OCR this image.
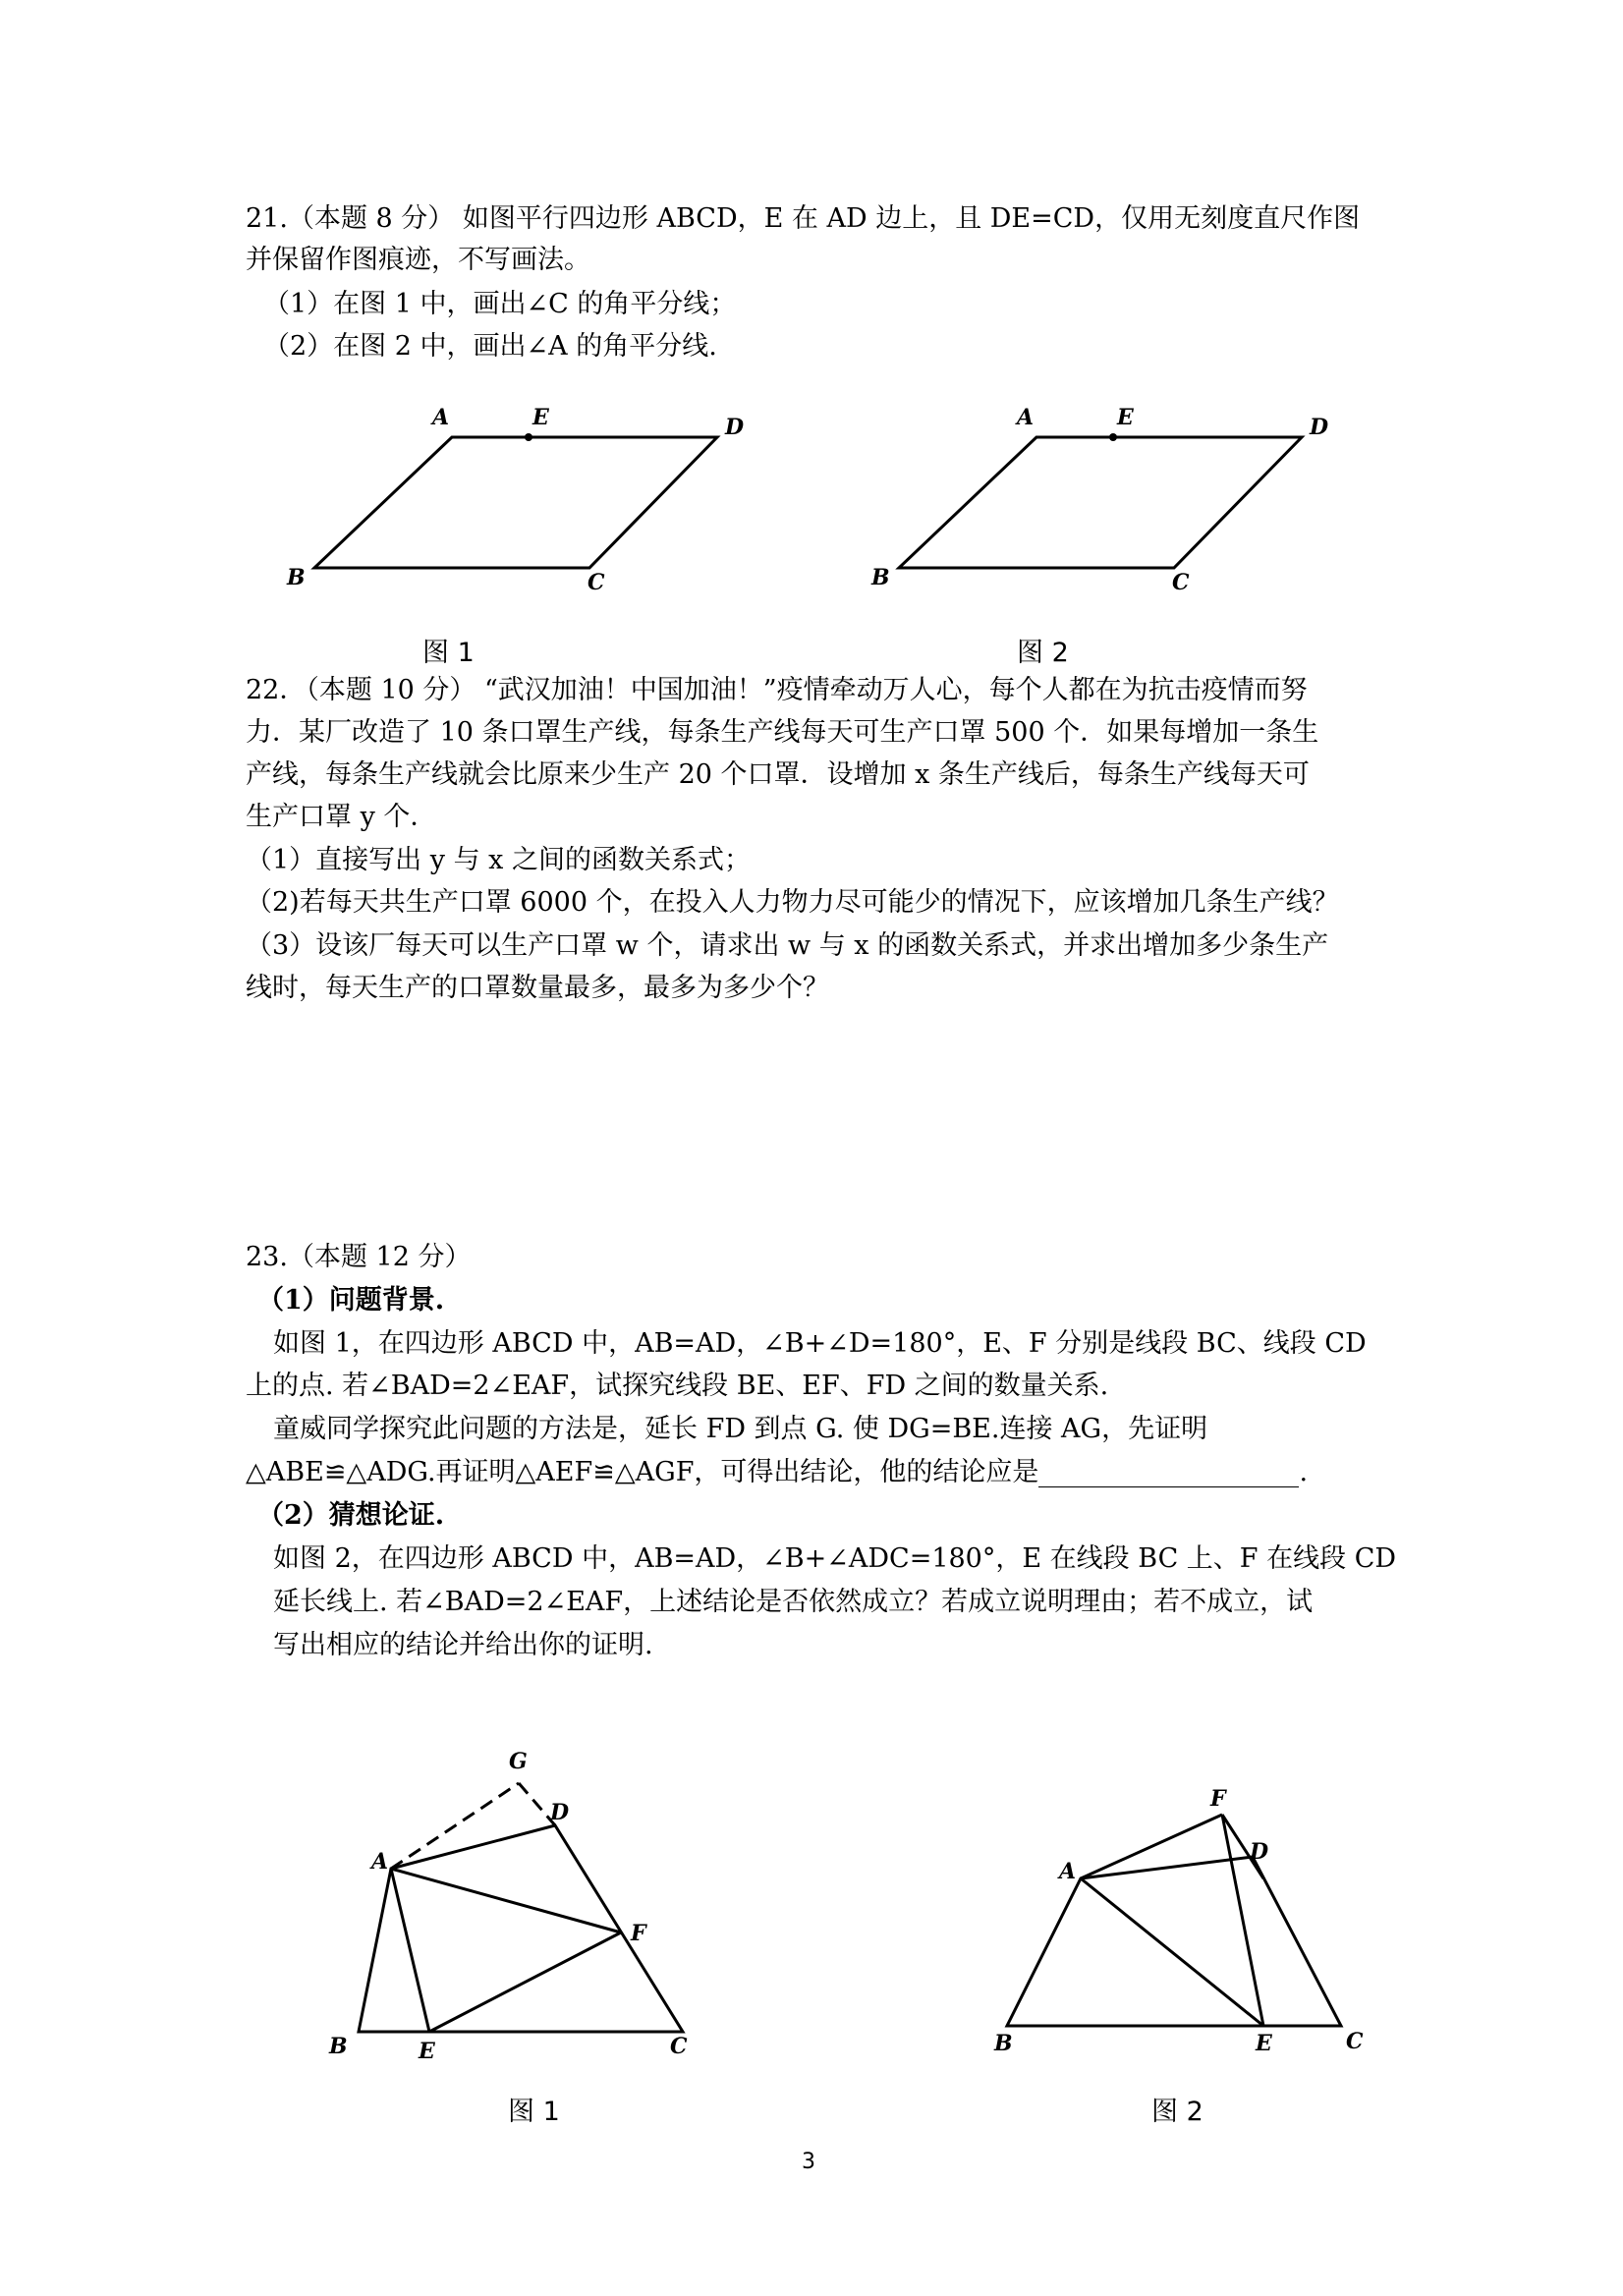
21.（本题 8 分） 如图平行四边形 ABCD，E 在 AD 边上，且 DE=CD，仅用无刻度直尺作图
并保留作图痕迹，不写画法。
（1）在图 1 中，画出∠C 的角平分线；
（2）在图 2 中，画出∠A 的角平分线.
A	E	D
B	C
图 1
A	E	D
B	C
图 2
22．（本题 10 分） “武汉加油！中国加油！”疫情牵动万人心，每个人都在为抗击疫情而努
力．某厂改造了 10 条口罩生产线，每条生产线每天可生产口罩 500 个．如果每增加一条生
产线，每条生产线就会比原来少生产 20 个口罩．设增加 x 条生产线后，每条生产线每天可
生产口罩 y 个．
（1）直接写出 y 与 x 之间的函数关系式；
（2)若每天共生产口罩 6000 个，在投入人力物力尽可能少的情况下，应该增加几条生产线？
（3）设该厂每天可以生产口罩 w 个，请求出 w 与 x 的函数关系式，并求出增加多少条生产
线时，每天生产的口罩数量最多，最多为多少个？
23.（本题 12 分）
（1）问题背景.
如图 1，在四边形 ABCD 中，AB=AD，∠B+∠D=180°，E、F 分别是线段 BC、线段 CD
上的点. 若∠BAD=2∠EAF，试探究线段 BE、EF、FD 之间的数量关系.
童威同学探究此问题的方法是，延长 FD 到点 G. 使 DG=BE.连接 AG，先证明
△ABE≌△ADG.再证明△AEF≌△AGF，可得出结论，他的结论应是	.
（2）猜想论证.
如图 2，在四边形 ABCD 中，AB=AD，∠B+∠ADC=180°，E 在线段 BC 上、F 在线段 CD
延长线上. 若∠BAD=2∠EAF，上述结论是否依然成立？若成立说明理由；若不成立，试
写出相应的结论并给出你的证明.
G
D
A
F
B	E	C
图 1
F
D
A
B	E	C
图 2
3
